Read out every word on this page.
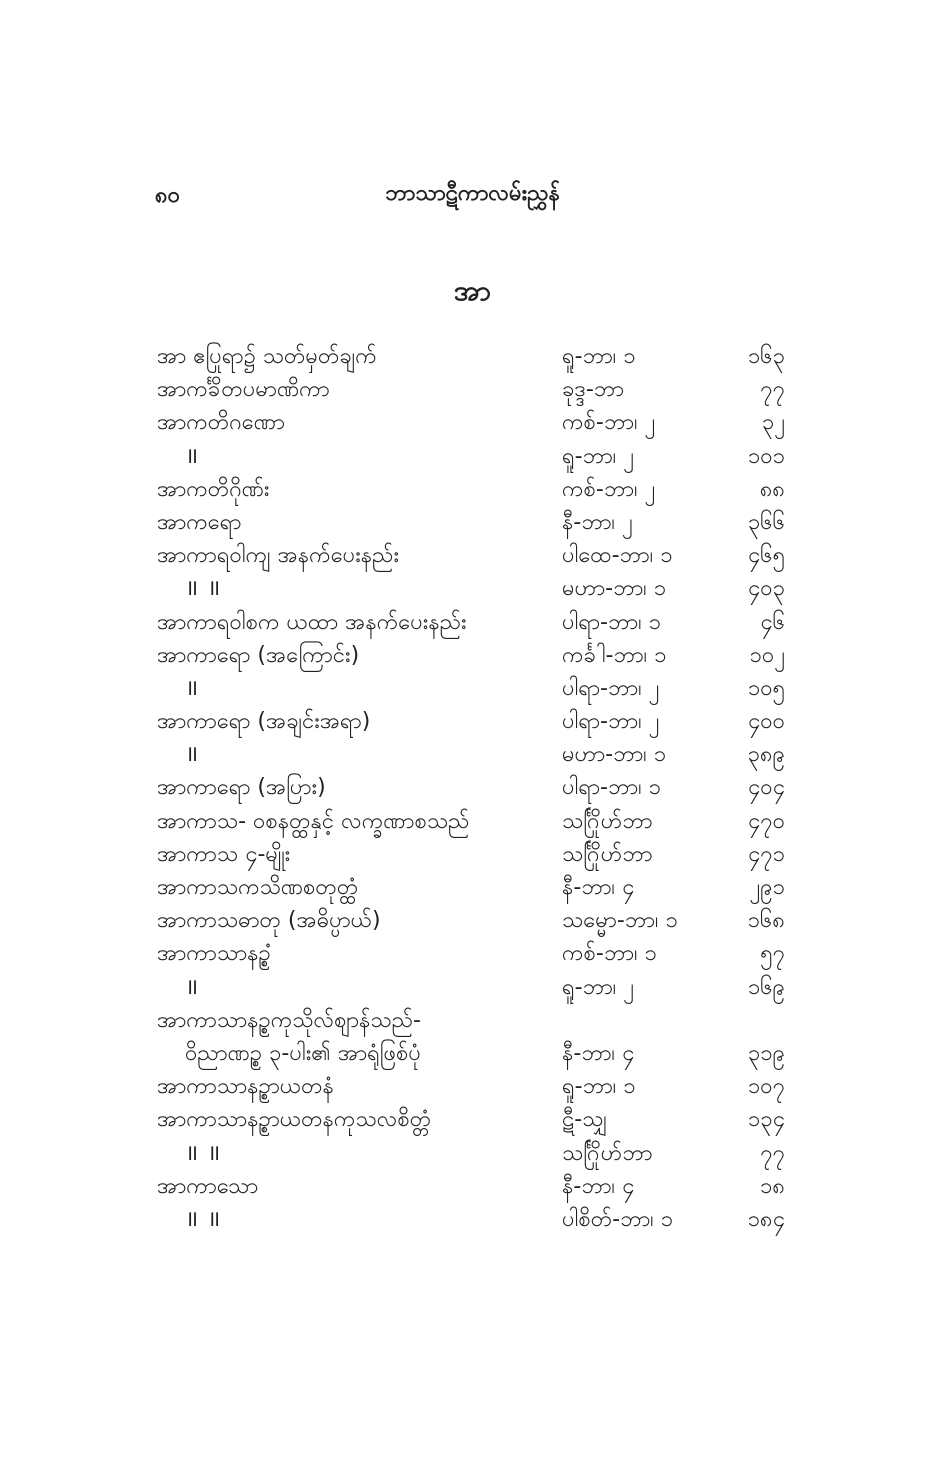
၈၀	ဘာသာဋီကာလမ်းညွှန်
အာ
အာ ဧပြုရာ၌ သတ်မှတ်ချက်	ရူ-ဘာ၊ ၁	၁၆၃
အာကင်္ခိတပမာဏိကာ	ခုဒ္ဒ-ဘာ	၇၇
အာကတိဂဏော	ကစ်-ဘာ၊ ၂	၃၂
॥	ရူ-ဘာ၊ ၂	၁၀၁
အာကတိဂိုဏ်း	ကစ်-ဘာ၊ ၂	၈၈
အာကရော	နီ-ဘာ၊ ၂	၃၆၆
အာကာရဝါကျ အနက်ပေးနည်း	ပါထေ-ဘာ၊ ၁	၄၆၅
॥ ॥	မဟာ-ဘာ၊ ၁	၄၀၃
အာကာရဝါစက ယထာ အနက်ပေးနည်း	ပါရာ-ဘာ၊ ၁	၄၆
အာကာရော (အကြောင်း)	ကင်္ခါ-ဘာ၊ ၁	၁၀၂
॥	ပါရာ-ဘာ၊ ၂	၁၀၅
အာကာရော (အချင်းအရာ)	ပါရာ-ဘာ၊ ၂	၄၀၀
॥	မဟာ-ဘာ၊ ၁	၃၈၉
အာကာရော (အပြား)	ပါရာ-ဘာ၊ ၁	၄၀၄
အာကာသ- ဝစနတ္ထနှင့် လက္ခဏာစသည်	သင်္ဂြိုဟ်ဘာ	၄၇၀
အာကာသ ၄-မျိုး	သင်္ဂြိုဟ်ဘာ	၄၇၁
အာကာသကသိဏစတုတ္ထံ	နီ-ဘာ၊ ၄	၂၉၁
အာကာသဓာတု (အဓိပ္ပာယ်)	သမ္မော-ဘာ၊ ၁	၁၆၈
အာကာသာနဉ္စံ	ကစ်-ဘာ၊ ၁	၅၇
॥	ရူ-ဘာ၊ ၂	၁၆၉
အာကာသာနဉ္စကုသိုလ်စျာန်သည်-
ဝိညာဏဥ္စ ၃-ပါး၏ အာရုံဖြစ်ပုံ	နီ-ဘာ၊ ၄	၃၁၉
အာကာသာနဉ္စာယတနံ	ရူ-ဘာ၊ ၁	၁၀၇
အာကာသာနဉ္စာယတနကုသလစိတ္တံ	ဋီ-သျှ	၁၃၄
॥ ॥	သင်္ဂြိုဟ်ဘာ	၇၇
အာကာသော	နီ-ဘာ၊ ၄	၁၈
॥ ॥	ပါစိတ်-ဘာ၊ ၁	၁၈၄
